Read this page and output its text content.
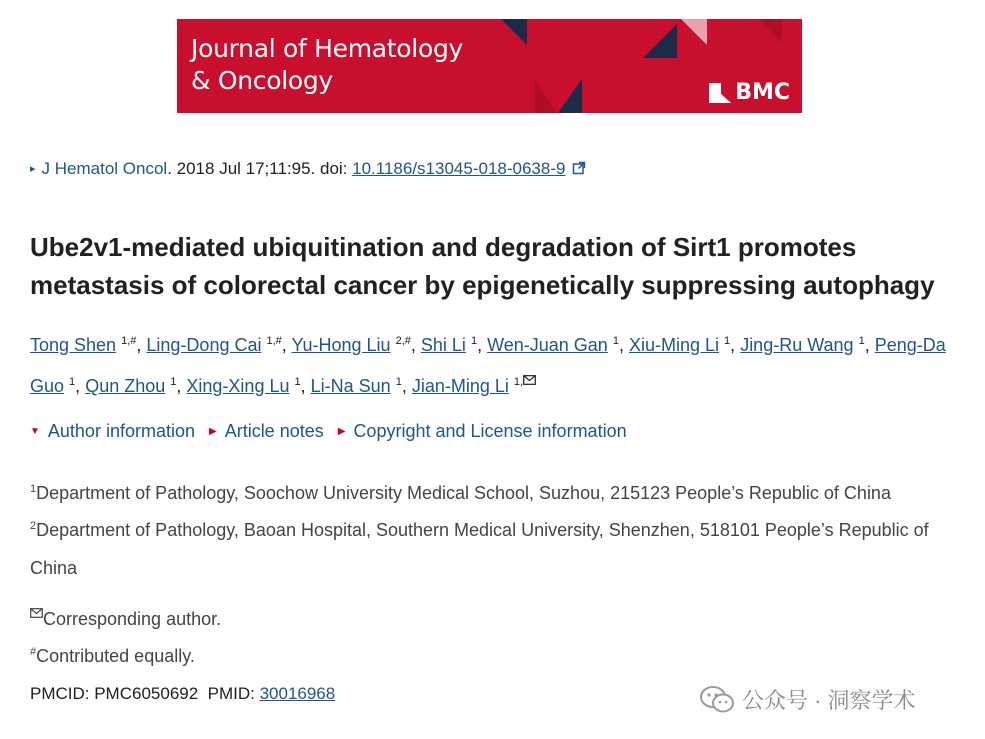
Journal of Hematology
& Oncology	BMC
▸ J Hematol Oncol. 2018 Jul 17;11:95. doi: 10.1186/s13045-018-0638-9
Ube2v1-mediated ubiquitination and degradation of Sirt1 promotes metastasis of colorectal cancer by epigenetically suppressing autophagy
Tong Shen $^{1,\#}$, Ling-Dong Cai $^{1,\#}$, Yu-Hong Liu $^{2,\#}$, Shi Li $^1$, Wen-Juan Gan $^1$, Xiu-Ming Li $^1$, Jing-Ru Wang $^1$, Peng-Da Guo $^1$, Qun Zhou $^1$, Xing-Xing Lu $^1$, Li-Na Sun $^1$, Jian-Ming Li $^{1,}$
▼ Author information ▶ Article notes ▶ Copyright and License information
$^1$Department of Pathology, Soochow University Medical School, Suzhou, 215123 People’s Republic of China
$^2$Department of Pathology, Baoan Hospital, Southern Medical University, Shenzhen, 518101 People’s Republic of China
Corresponding author.
#Contributed equally.
PMCID: PMC6050692  PMID: 30016968	公众号 · 洞察学术
